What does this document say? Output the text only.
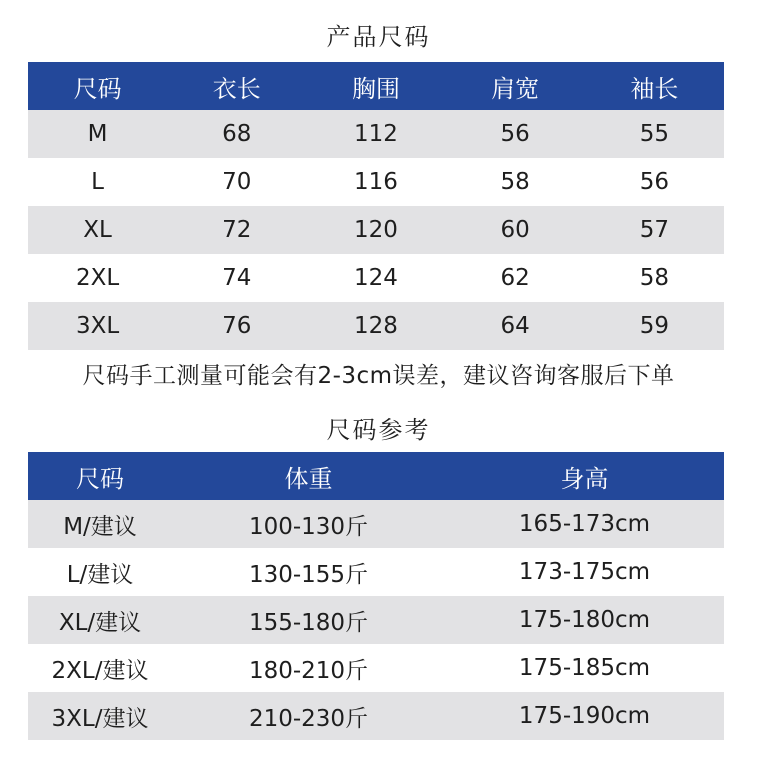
产品尺码
尺码	衣长	胸围	肩宽	袖长
M	68	112	56	55
L	70	116	58	56
XL	72	120	60	57
2XL	74	124	62	58
3XL	76	128	64	59
尺码手工测量可能会有2-3cm误差，建议咨询客服后下单
尺码参考
尺码	体重	身高
M/建议	100-130斤	165-173cm
L/建议	130-155斤	173-175cm
XL/建议	155-180斤	175-180cm
2XL/建议	180-210斤	175-185cm
3XL/建议	210-230斤	175-190cm
